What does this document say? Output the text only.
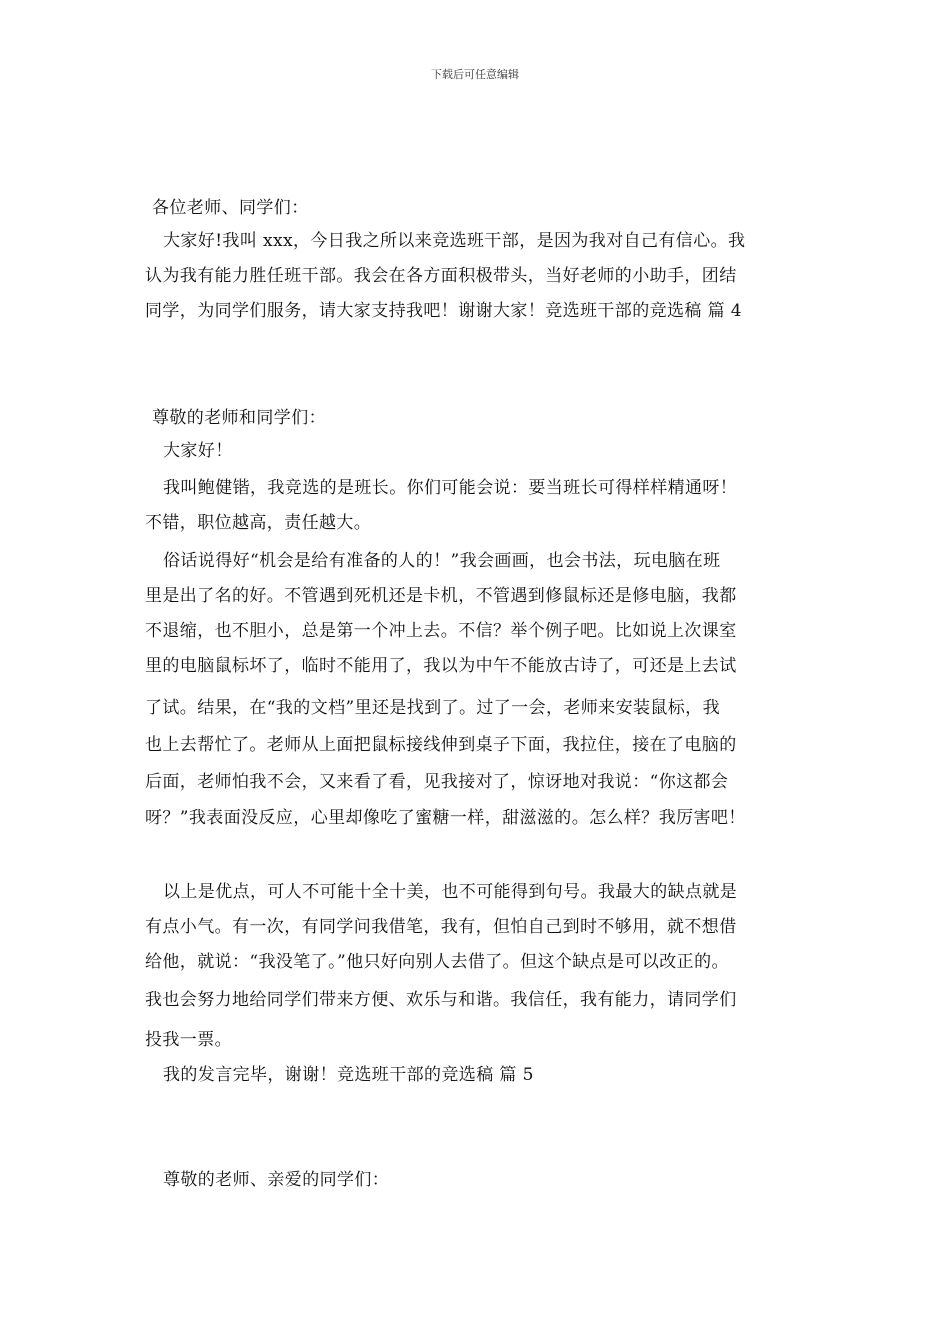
下载后可任意编辑
各位老师、同学们：
大家好!我叫 xxx，今日我之所以来竞选班干部，是因为我对自己有信心。我
认为我有能力胜任班干部。我会在各方面积极带头，当好老师的小助手，团结
同学，为同学们服务，请大家支持我吧！谢谢大家！竞选班干部的竞选稿 篇 4
尊敬的老师和同学们：
大家好！
我叫鲍健锴，我竞选的是班长。你们可能会说：要当班长可得样样精通呀！
不错，职位越高，责任越大。
俗话说得好“机会是给有准备的人的！”我会画画，也会书法，玩电脑在班
里是出了名的好。不管遇到死机还是卡机，不管遇到修鼠标还是修电脑，我都
不退缩，也不胆小，总是第一个冲上去。不信？举个例子吧。比如说上次课室
里的电脑鼠标坏了，临时不能用了，我以为中午不能放古诗了，可还是上去试
了试。结果，在“我的文档”里还是找到了。过了一会，老师来安装鼠标，我
也上去帮忙了。老师从上面把鼠标接线伸到桌子下面，我拉住，接在了电脑的
后面，老师怕我不会，又来看了看，见我接对了，惊讶地对我说：“你这都会
呀？”我表面没反应，心里却像吃了蜜糖一样，甜滋滋的。怎么样？我厉害吧！
以上是优点，可人不可能十全十美，也不可能得到句号。我最大的缺点就是
有点小气。有一次，有同学问我借笔，我有，但怕自己到时不够用，就不想借
给他，就说：“我没笔了。”他只好向别人去借了。但这个缺点是可以改正的。
我也会努力地给同学们带来方便、欢乐与和谐。我信任，我有能力，请同学们
投我一票。
我的发言完毕，谢谢！竞选班干部的竞选稿 篇 5
尊敬的老师、亲爱的同学们：
